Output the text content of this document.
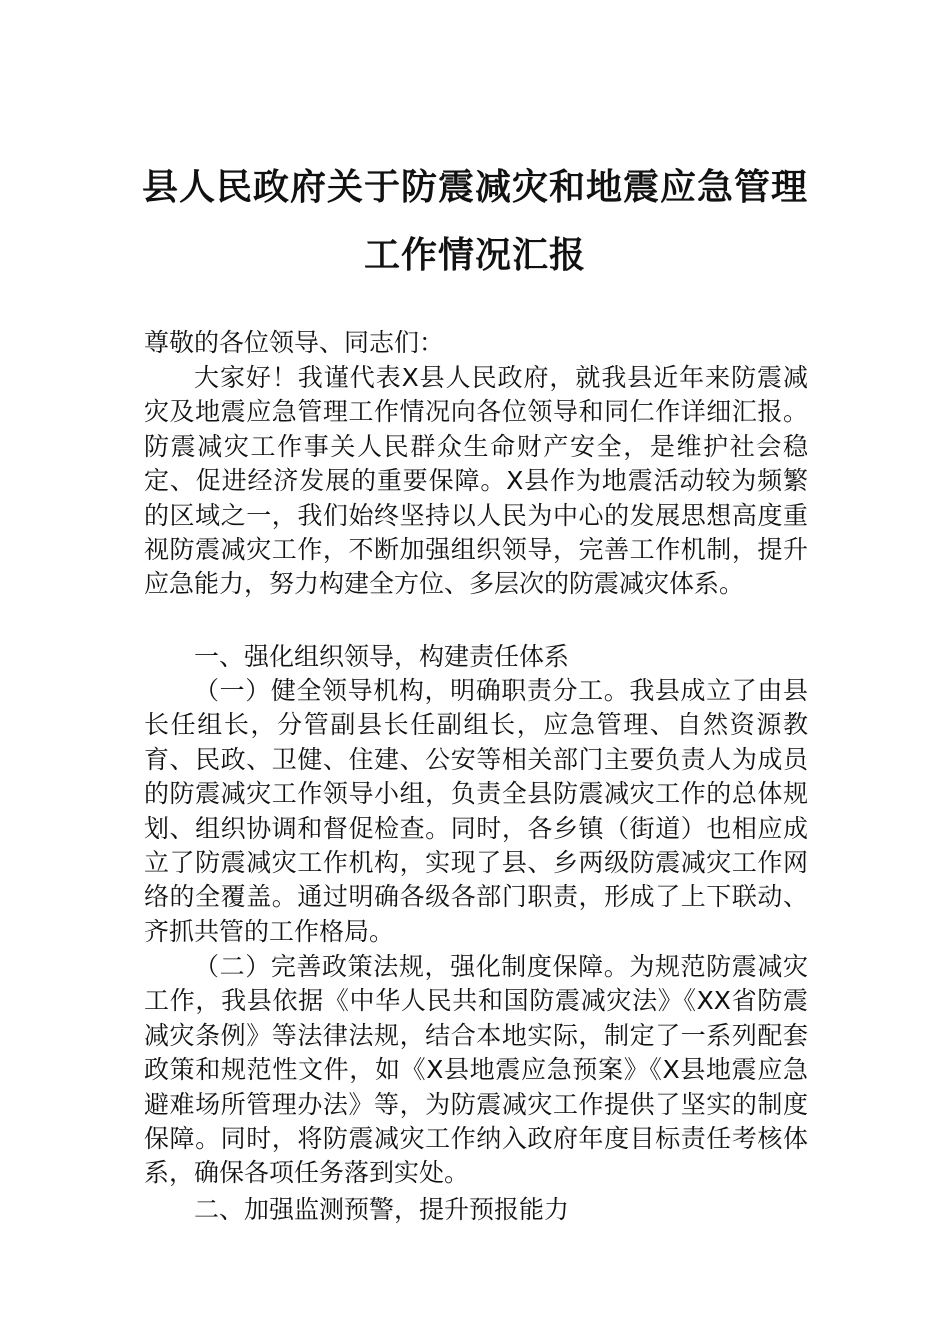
县人民政府关于防震减灾和地震应急管理
工作情况汇报
尊敬的各位领导、同志们：
大家好！我谨代表X县人民政府，就我县近年来防震减灾及地震应急管理工作情况向各位领导和同仁作详细汇报。防震减灾工作事关人民群众生命财产安全，是维护社会稳定、促进经济发展的重要保障。X县作为地震活动较为频繁的区域之一，我们始终坚持以人民为中心的发展思想高度重视防震减灾工作，不断加强组织领导，完善工作机制，提升应急能力，努力构建全方位、多层次的防震减灾体系。
一、强化组织领导，构建责任体系
（一）健全领导机构，明确职责分工。我县成立了由县长任组长，分管副县长任副组长，应急管理、自然资源教育、民政、卫健、住建、公安等相关部门主要负责人为成员的防震减灾工作领导小组，负责全县防震减灾工作的总体规划、组织协调和督促检查。同时，各乡镇（街道）也相应成立了防震减灾工作机构，实现了县、乡两级防震减灾工作网络的全覆盖。通过明确各级各部门职责，形成了上下联动、齐抓共管的工作格局。
（二）完善政策法规，强化制度保障。为规范防震减灾工作，我县依据《中华人民共和国防震减灾法》《XX省防震减灾条例》等法律法规，结合本地实际，制定了一系列配套政策和规范性文件，如《X县地震应急预案》《X县地震应急避难场所管理办法》等，为防震减灾工作提供了坚实的制度保障。同时，将防震减灾工作纳入政府年度目标责任考核体系，确保各项任务落到实处。
二、加强监测预警，提升预报能力
